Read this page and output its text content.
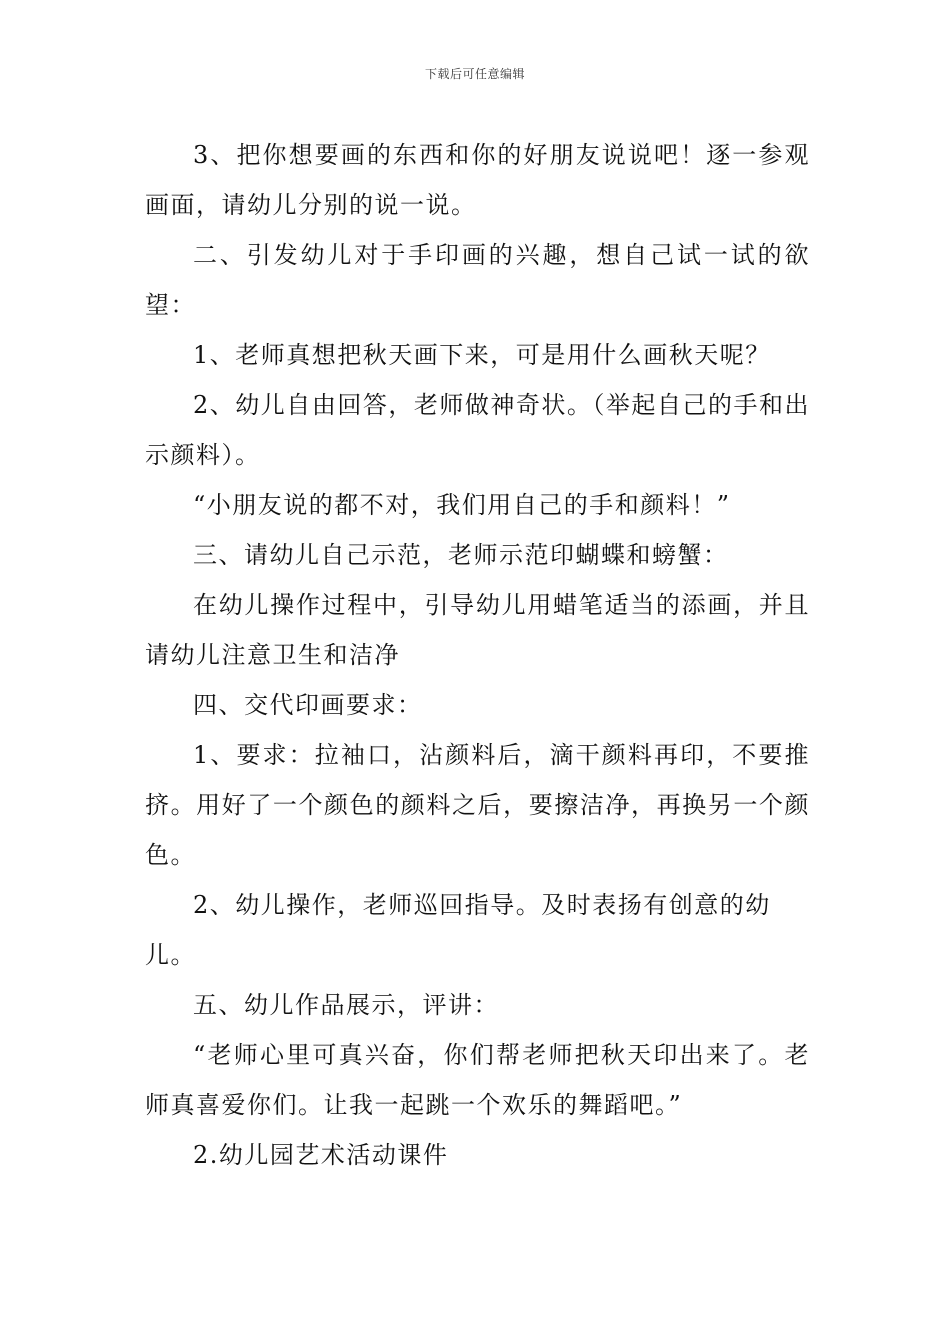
下载后可任意编辑

3、把你想要画的东西和你的好朋友说说吧！逐一参观画面，请幼儿分别的说一说。

二、引发幼儿对于手印画的兴趣，想自己试一试的欲望：

1、老师真想把秋天画下来，可是用什么画秋天呢？

2、幼儿自由回答，老师做神奇状。（举起自己的手和出示颜料）。

“小朋友说的都不对，我们用自己的手和颜料！”

三、请幼儿自己示范，老师示范印蝴蝶和螃蟹：

在幼儿操作过程中，引导幼儿用蜡笔适当的添画，并且请幼儿注意卫生和洁净

四、交代印画要求：

1、要求：拉袖口，沾颜料后，滴干颜料再印，不要推挤。用好了一个颜色的颜料之后，要擦洁净，再换另一个颜色。

2、幼儿操作，老师巡回指导。及时表扬有创意的幼儿。

五、幼儿作品展示，评讲：

“老师心里可真兴奋，你们帮老师把秋天印出来了。老师真喜爱你们。让我一起跳一个欢乐的舞蹈吧。”

2.幼儿园艺术活动课件
